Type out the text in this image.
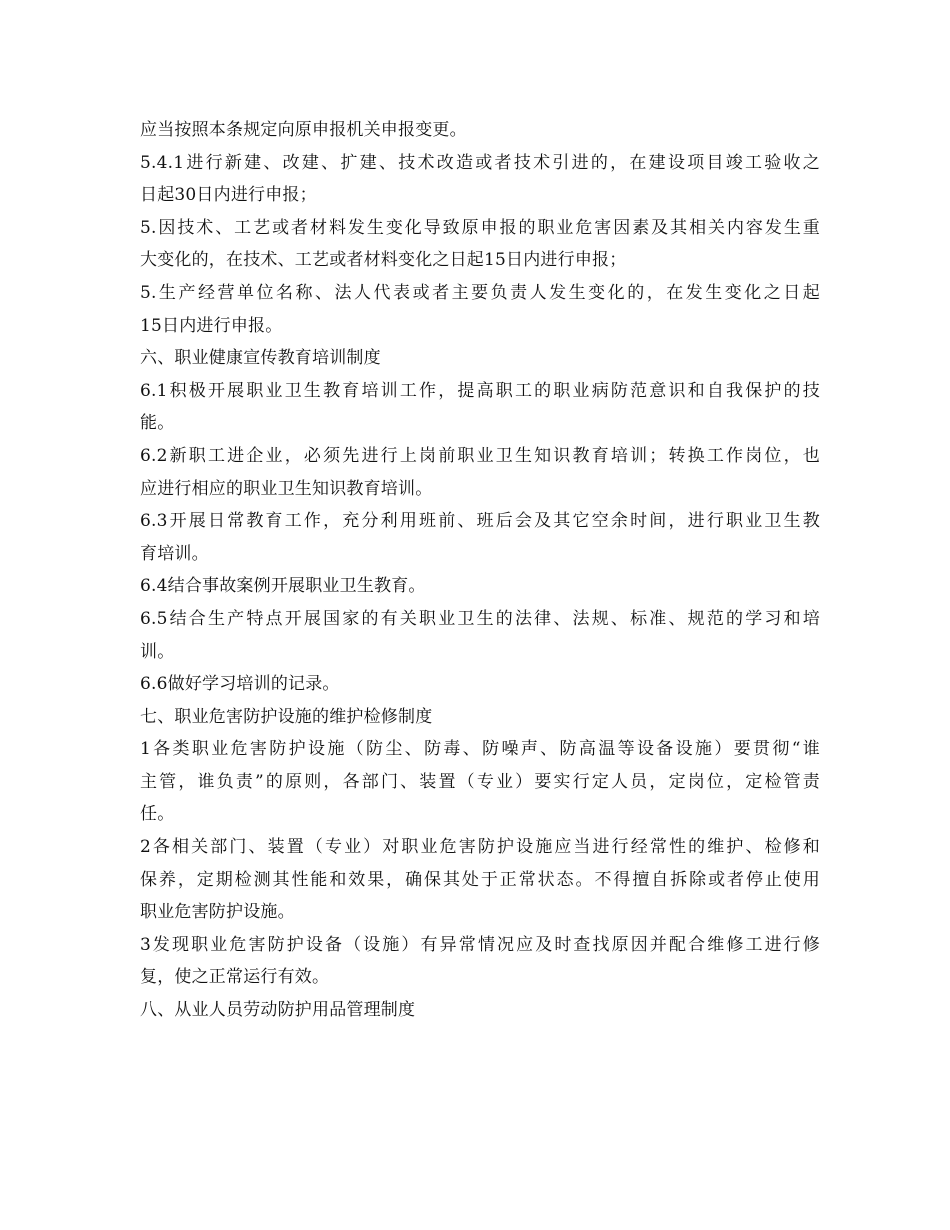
应当按照本条规定向原申报机关申报变更。
5.4.1进行新建、改建、扩建、技术改造或者技术引进的，在建设项目竣工验收之
日起30日内进行申报；
5.因技术、工艺或者材料发生变化导致原申报的职业危害因素及其相关内容发生重
大变化的，在技术、工艺或者材料变化之日起15日内进行申报；
5.生产经营单位名称、法人代表或者主要负责人发生变化的，在发生变化之日起
15日内进行申报。
六、职业健康宣传教育培训制度
6.1积极开展职业卫生教育培训工作，提高职工的职业病防范意识和自我保护的技
能。
6.2新职工进企业，必须先进行上岗前职业卫生知识教育培训；转换工作岗位，也
应进行相应的职业卫生知识教育培训。
6.3开展日常教育工作，充分利用班前、班后会及其它空余时间，进行职业卫生教
育培训。
6.4结合事故案例开展职业卫生教育。
6.5结合生产特点开展国家的有关职业卫生的法律、法规、标准、规范的学习和培
训。
6.6做好学习培训的记录。
七、职业危害防护设施的维护检修制度
1各类职业危害防护设施（防尘、防毒、防噪声、防高温等设备设施）要贯彻“谁
主管，谁负责”的原则，各部门、装置（专业）要实行定人员，定岗位，定检管责
任。
2各相关部门、装置（专业）对职业危害防护设施应当进行经常性的维护、检修和
保养，定期检测其性能和效果，确保其处于正常状态。不得擅自拆除或者停止使用
职业危害防护设施。
3发现职业危害防护设备（设施）有异常情况应及时查找原因并配合维修工进行修
复，使之正常运行有效。
八、从业人员劳动防护用品管理制度
